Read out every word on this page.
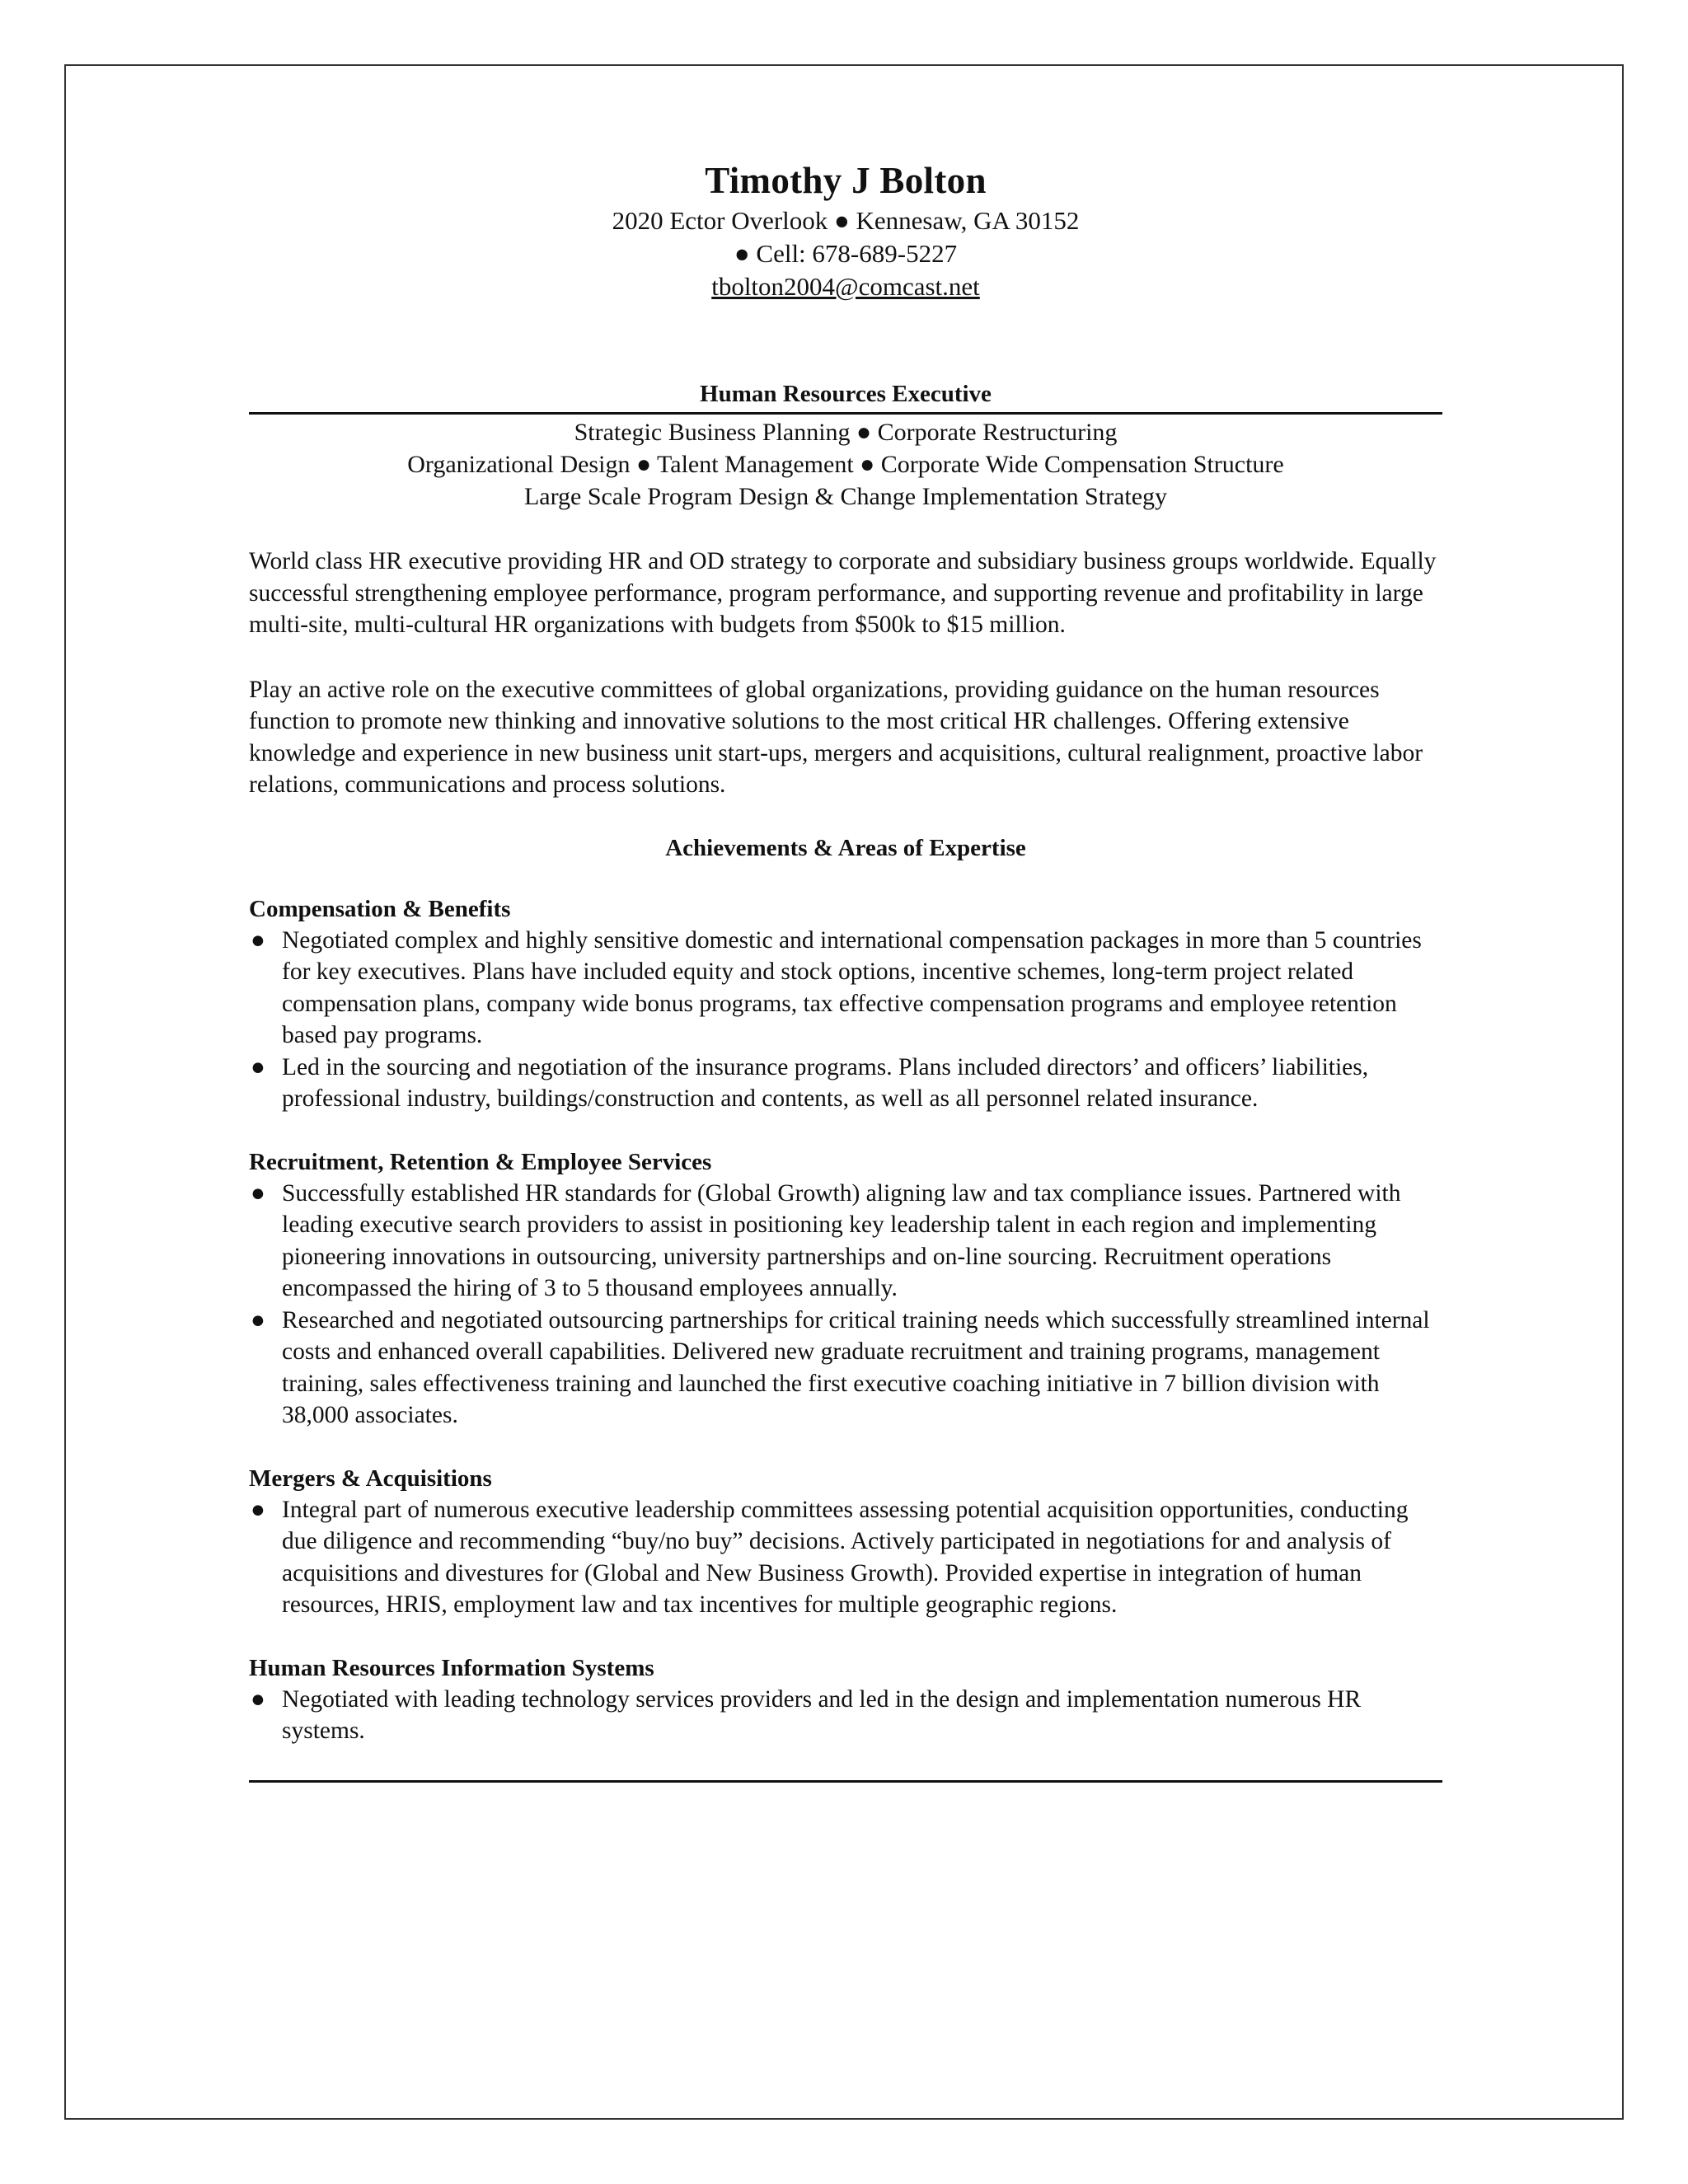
Timothy J Bolton

2020 Ector Overlook ● Kennesaw, GA 30152

● Cell: 678-689-5227

tbolton2004@comcast.net

Human Resources Executive

Strategic Business Planning ● Corporate Restructuring

Organizational Design ● Talent Management ● Corporate Wide Compensation Structure

Large Scale Program Design & Change Implementation Strategy

World class HR executive providing HR and OD strategy to corporate and subsidiary business groups worldwide. Equally successful strengthening employee performance, program performance, and supporting revenue and profitability in large multi-site, multi-cultural HR organizations with budgets from $500k to $15 million.

Play an active role on the executive committees of global organizations, providing guidance on the human resources function to promote new thinking and innovative solutions to the most critical HR challenges. Offering extensive knowledge and experience in new business unit start-ups, mergers and acquisitions, cultural realignment, proactive labor relations, communications and process solutions.

Achievements & Areas of Expertise

Compensation & Benefits

● Negotiated complex and highly sensitive domestic and international compensation packages in more than 5 countries for key executives. Plans have included equity and stock options, incentive schemes, long-term project related compensation plans, company wide bonus programs, tax effective compensation programs and employee retention based pay programs.
● Led in the sourcing and negotiation of the insurance programs. Plans included directors’ and officers’ liabilities, professional industry, buildings/construction and contents, as well as all personnel related insurance.

Recruitment, Retention & Employee Services

● Successfully established HR standards for (Global Growth) aligning law and tax compliance issues. Partnered with leading executive search providers to assist in positioning key leadership talent in each region and implementing pioneering innovations in outsourcing, university partnerships and on-line sourcing. Recruitment operations encompassed the hiring of 3 to 5 thousand employees annually.
● Researched and negotiated outsourcing partnerships for critical training needs which successfully streamlined internal costs and enhanced overall capabilities. Delivered new graduate recruitment and training programs, management training, sales effectiveness training and launched the first executive coaching initiative in 7 billion division with 38,000 associates.

Mergers & Acquisitions

● Integral part of numerous executive leadership committees assessing potential acquisition opportunities, conducting due diligence and recommending “buy/no buy” decisions. Actively participated in negotiations for and analysis of acquisitions and divestures for (Global and New Business Growth). Provided expertise in integration of human resources, HRIS, employment law and tax incentives for multiple geographic regions.

Human Resources Information Systems

● Negotiated with leading technology services providers and led in the design and implementation numerous HR systems.
